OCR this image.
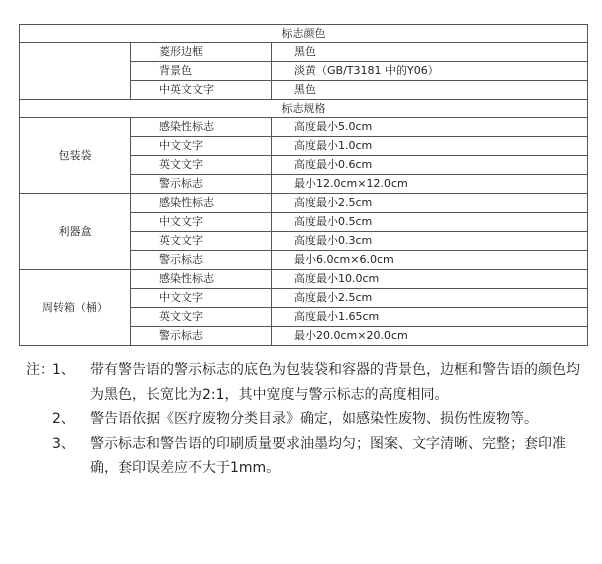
标志颜色		
	菱形边框	黑色
	背景色	淡黄（GB/T3181 中的Y06）
	中英文文字	黑色
标志规格		
包装袋	感染性标志	高度最小5.0cm
	中文文字	高度最小1.0cm
	英文文字	高度最小0.6cm
	警示标志	最小12.0cm×12.0cm
利器盒	感染性标志	高度最小2.5cm
	中文文字	高度最小0.5cm
	英文文字	高度最小0.3cm
	警示标志	最小6.0cm×6.0cm
周转箱（桶）	感染性标志	高度最小10.0cm
	中文文字	高度最小2.5cm
	英文文字	高度最小1.65cm
	警示标志	最小20.0cm×20.0cm

注：
1、	带有警告语的警示标志的底色为包装袋和容器的背景色，边框和警告语的颜色均为黑色，长宽比为2:1，其中宽度与警示标志的高度相同。

2、	警告语依据《医疗废物分类目录》确定，如感染性废物、损伤性废物等。

3、	警示标志和警告语的印刷质量要求油墨均匀；图案、文字清晰、完整；套印准确，套印误差应不大于1mm。
